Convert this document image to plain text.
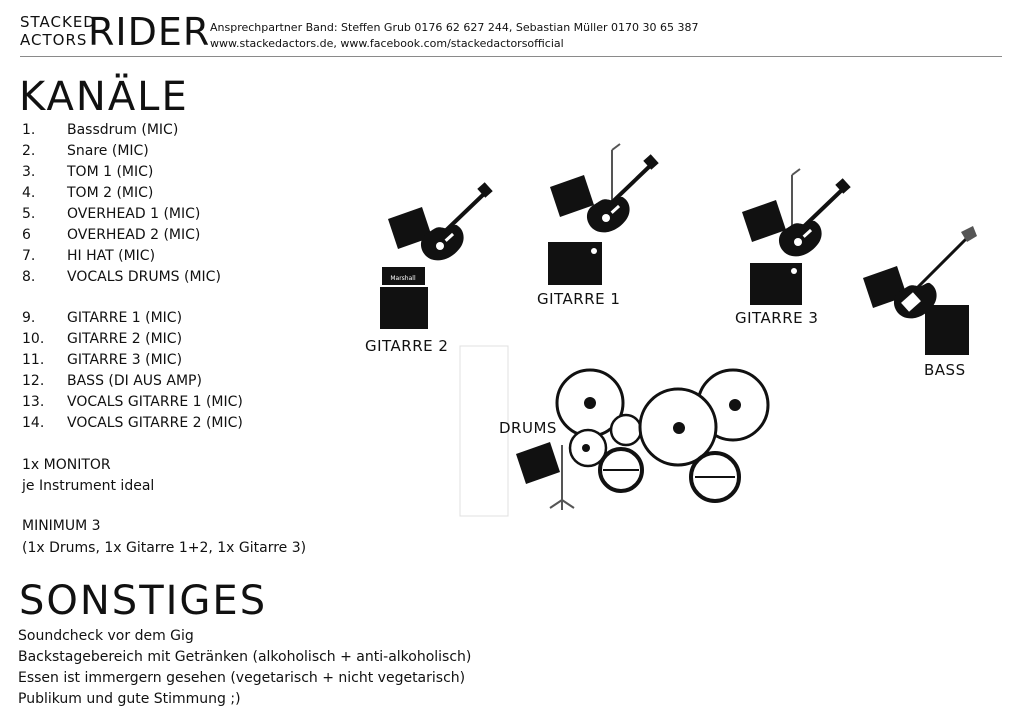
STACKED
ACTORS RIDER Ansprechpartner Band: Steffen Grub 0176 62 627 244, Sebastian Müller 0170 30 65 387
www.stackedactors.de, www.facebook.com/stackedactorsofficial
KANÄLE
1.	Bassdrum (MIC)
2.	Snare (MIC)
3.	TOM 1 (MIC)
4.	TOM 2 (MIC)
5.	OVERHEAD 1 (MIC)
6	OVERHEAD 2 (MIC)
7.	HI HAT (MIC)
8.	VOCALS DRUMS (MIC)
9.	GITARRE 1 (MIC)
10.	GITARRE 2 (MIC)
11.	GITARRE 3 (MIC)
12.	BASS (DI AUS AMP)
13.	VOCALS GITARRE 1 (MIC)
14.	VOCALS GITARRE 2 (MIC)
1x MONITOR
je Instrument ideal
MINIMUM 3
(1x Drums, 1x Gitarre 1+2, 1x Gitarre 3)
SONSTIGES
Soundcheck vor dem Gig
Backstagebereich mit Getränken (alkoholisch + anti-alkoholisch)
Essen ist immergern gesehen (vegetarisch + nicht vegetarisch)
Publikum und gute Stimmung ;)
Marshall
GITARRE 2
GITARRE 1
GITARRE 3
BASS
DRUMS
